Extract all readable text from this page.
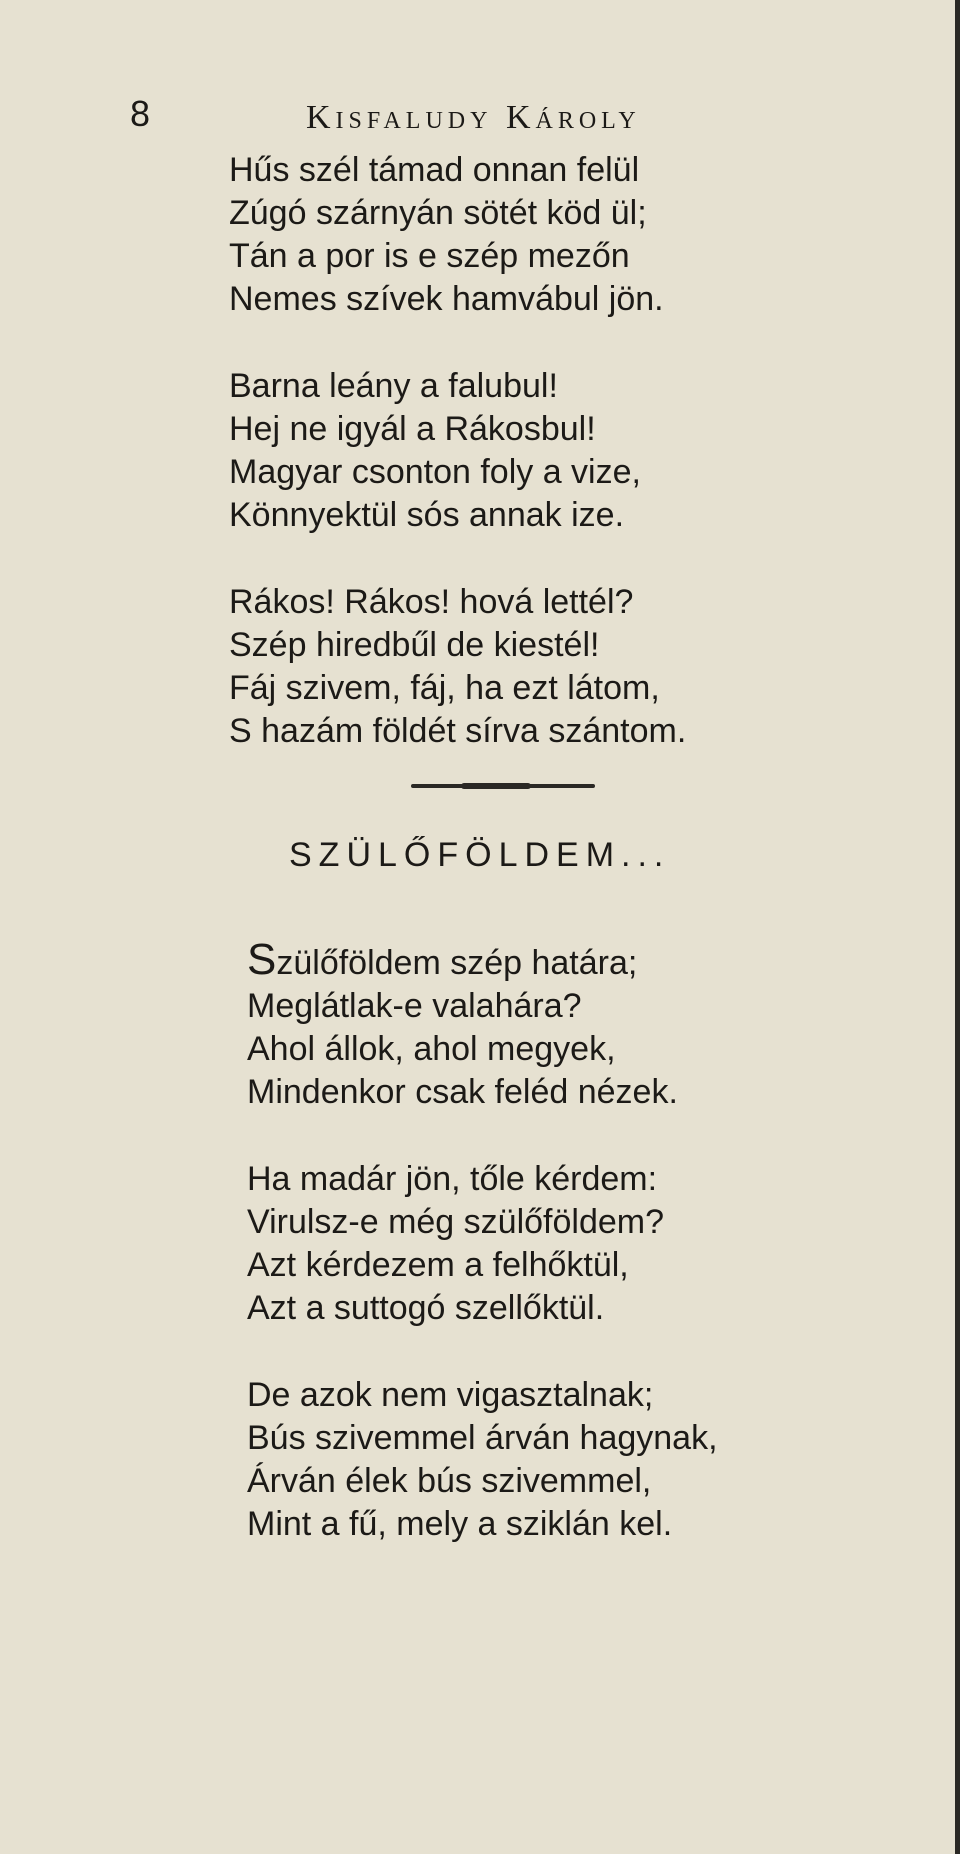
8	Kisfaludy Károly
Hűs szél támad onnan felül
Zúgó szárnyán sötét köd ül;
Tán a por is e szép mezőn
Nemes szívek hamvábul jön.
Barna leány a falubul!
Hej ne igyál a Rákosbul!
Magyar csonton foly a vize,
Könnyektül sós annak ize.
Rákos! Rákos! hová lettél?
Szép hiredbűl de kiestél!
Fáj szivem, fáj, ha ezt látom,
S hazám földét sírva szántom.
SZÜLŐFÖLDEM...
Szülőföldem szép határa;
Meglátlak-e valahára?
Ahol állok, ahol megyek,
Mindenkor csak feléd nézek.
Ha madár jön, tőle kérdem:
Virulsz-e még szülőföldem?
Azt kérdezem a felhőktül,
Azt a suttogó szellőktül.
De azok nem vigasztalnak;
Bús szivemmel árván hagynak,
Árván élek bús szivemmel,
Mint a fű, mely a sziklán kel.
